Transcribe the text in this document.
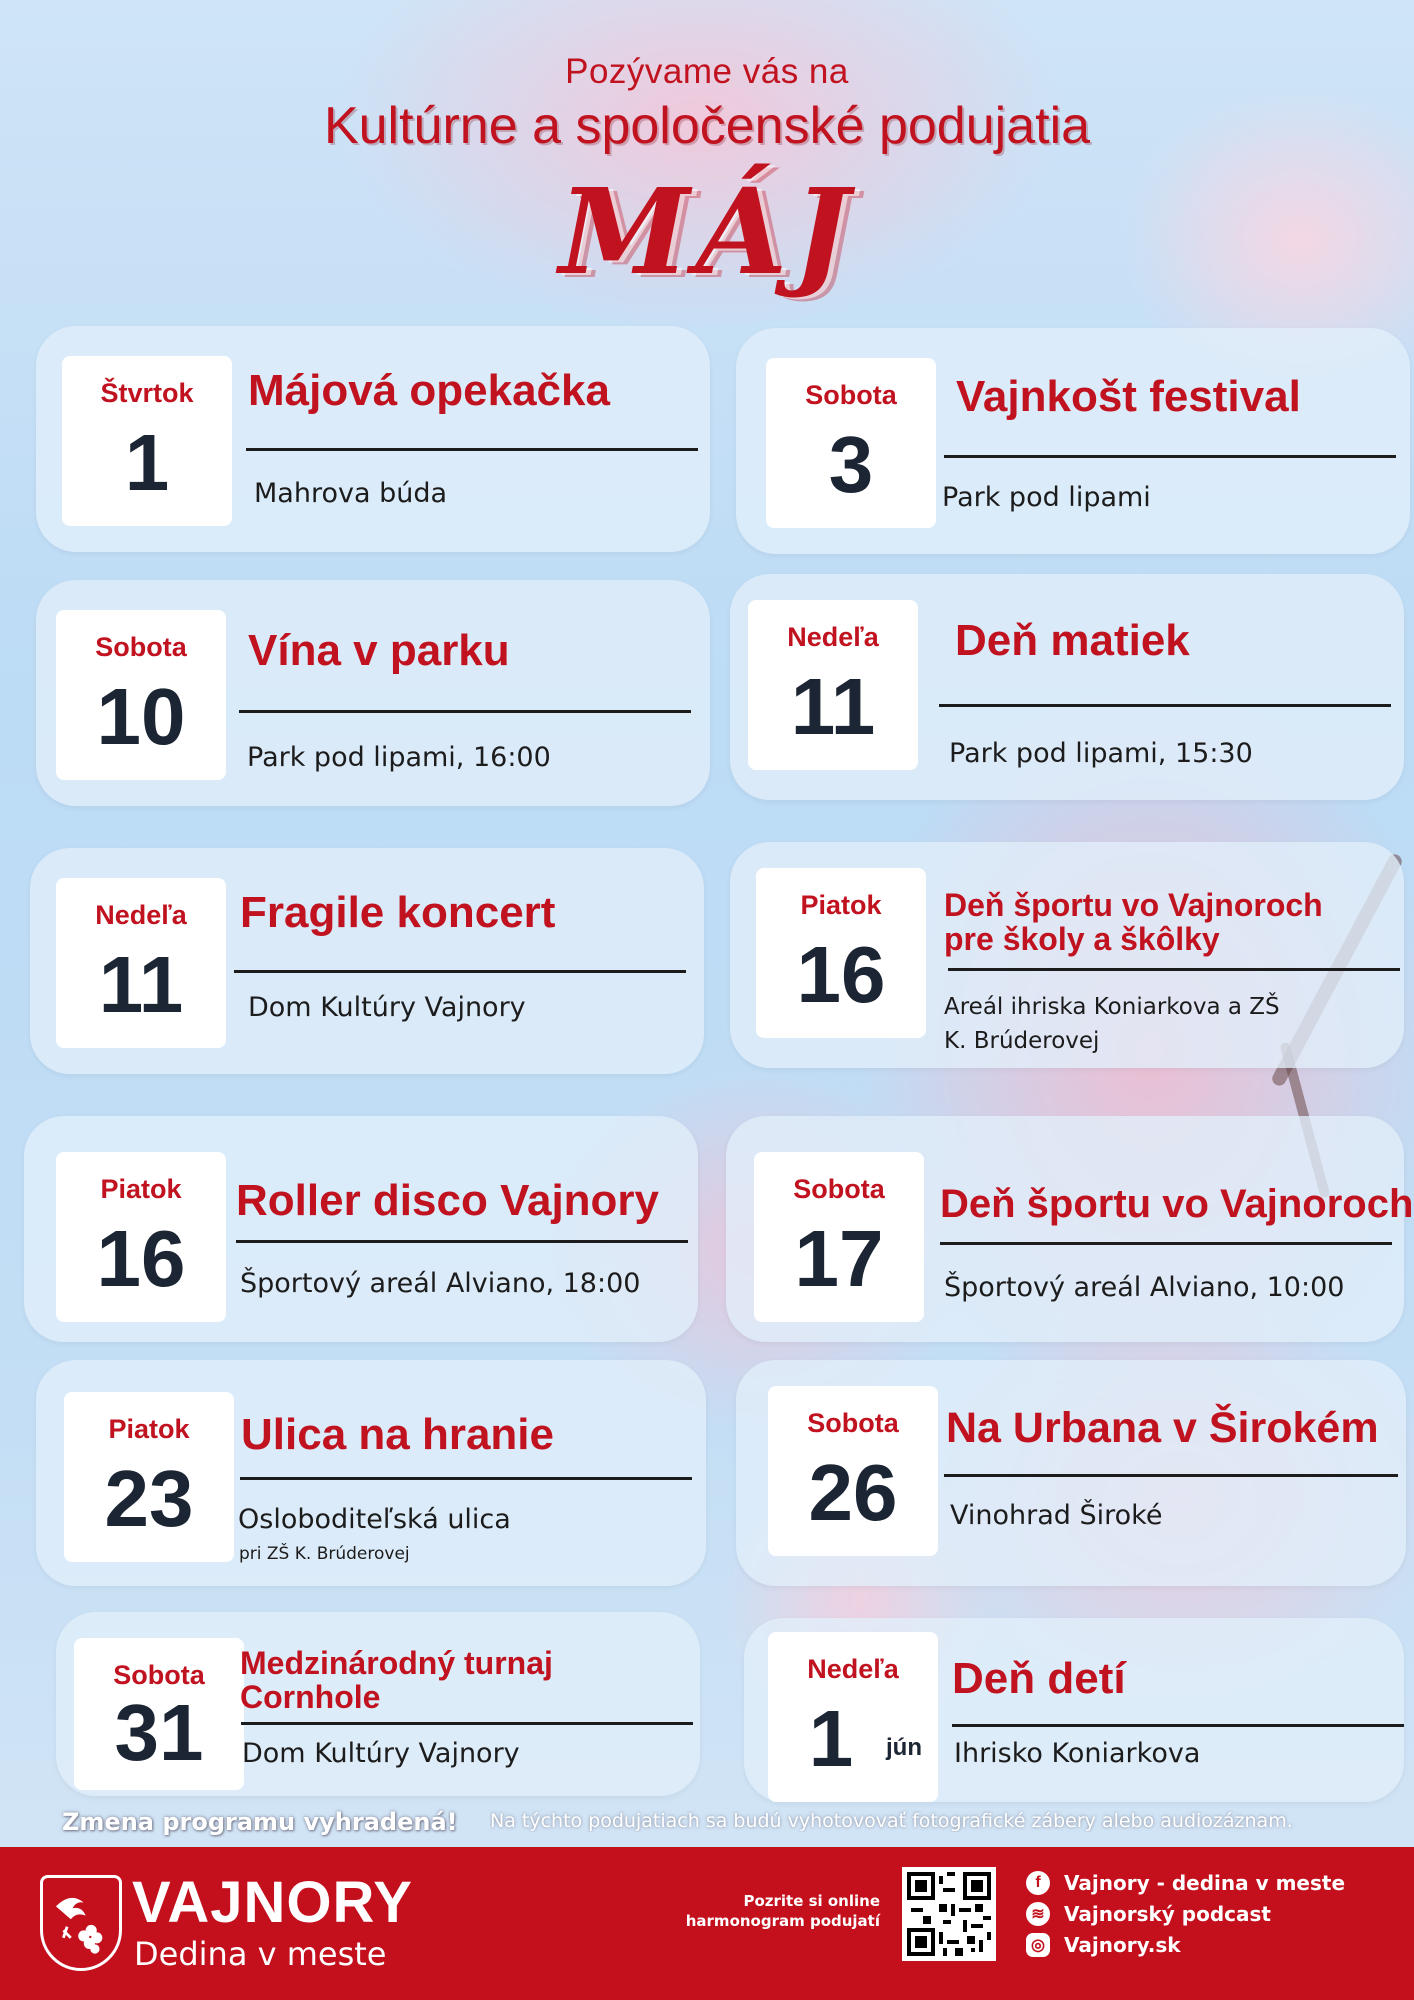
Pozývame vás na
Kultúrne a spoločenské podujatia
MÁJ
Štvrtok
1
Májová opekačka
Mahrova búda
Sobota
3
Vajnkošt festival
Park pod lipami
Sobota
10
Vína v parku
Park pod lipami, 16:00
Nedeľa
11
Deň matiek
Park pod lipami, 15:30
Nedeľa
11
Fragile koncert
Dom Kultúry Vajnory
Piatok
16
Deň športu vo Vajnoroch pre školy a škôlky
Areál ihriska Koniarkova a ZŠ K. Brúderovej
Piatok
16
Roller disco Vajnory
Športový areál Alviano, 18:00
Sobota
17
Deň športu vo Vajnoroch
Športový areál Alviano, 10:00
Piatok
23
Ulica na hranie
Osloboditeľská ulica
pri ZŠ K. Brúderovej
Sobota
26
Na Urbana v Širokém
Vinohrad Široké
Sobota
31
Medzinárodný turnaj Cornhole
Dom Kultúry Vajnory
Nedeľa
1	jún
Deň detí
Ihrisko Koniarkova
Zmena programu vyhradená! Na týchto podujatiach sa budú vyhotovovať fotografické zábery alebo audiozáznam.
VAJNORY
Dedina v meste
Pozrite si online
harmonogram podujatí
f	Vajnory - dedina v meste
≋ Vajnorský podcast
◎ Vajnory.sk
